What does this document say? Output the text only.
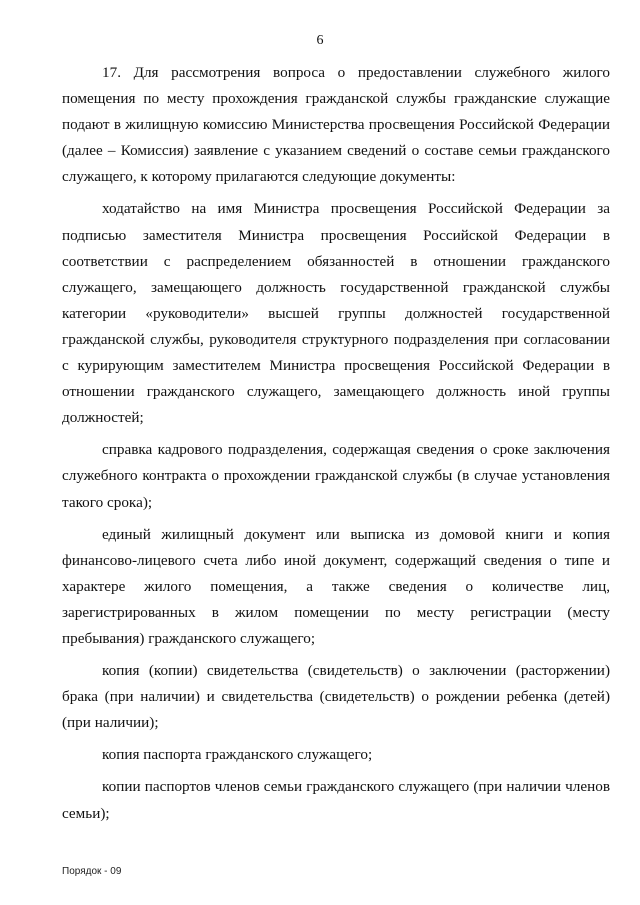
6

17. Для рассмотрения вопроса о предоставлении служебного жилого помещения по месту прохождения гражданской службы гражданские служащие подают в жилищную комиссию Министерства просвещения Российской Федерации (далее – Комиссия) заявление с указанием сведений о составе семьи гражданского служащего, к которому прилагаются следующие документы:

ходатайство на имя Министра просвещения Российской Федерации за подписью заместителя Министра просвещения Российской Федерации в соответствии с распределением обязанностей в отношении гражданского служащего, замещающего должность государственной гражданской службы категории «руководители» высшей группы должностей государственной гражданской службы, руководителя структурного подразделения при согласовании с курирующим заместителем Министра просвещения Российской Федерации в отношении гражданского служащего, замещающего должность иной группы должностей;

справка кадрового подразделения, содержащая сведения о сроке заключения служебного контракта о прохождении гражданской службы (в случае установления такого срока);

единый жилищный документ или выписка из домовой книги и копия финансово-лицевого счета либо иной документ, содержащий сведения о типе и характере жилого помещения, а также сведения о количестве лиц, зарегистрированных в жилом помещении по месту регистрации (месту пребывания) гражданского служащего;

копия (копии) свидетельства (свидетельств) о заключении (расторжении) брака (при наличии) и свидетельства (свидетельств) о рождении ребенка (детей) (при наличии);

копия паспорта гражданского служащего;

копии паспортов членов семьи гражданского служащего (при наличии членов семьи);

Порядок - 09
